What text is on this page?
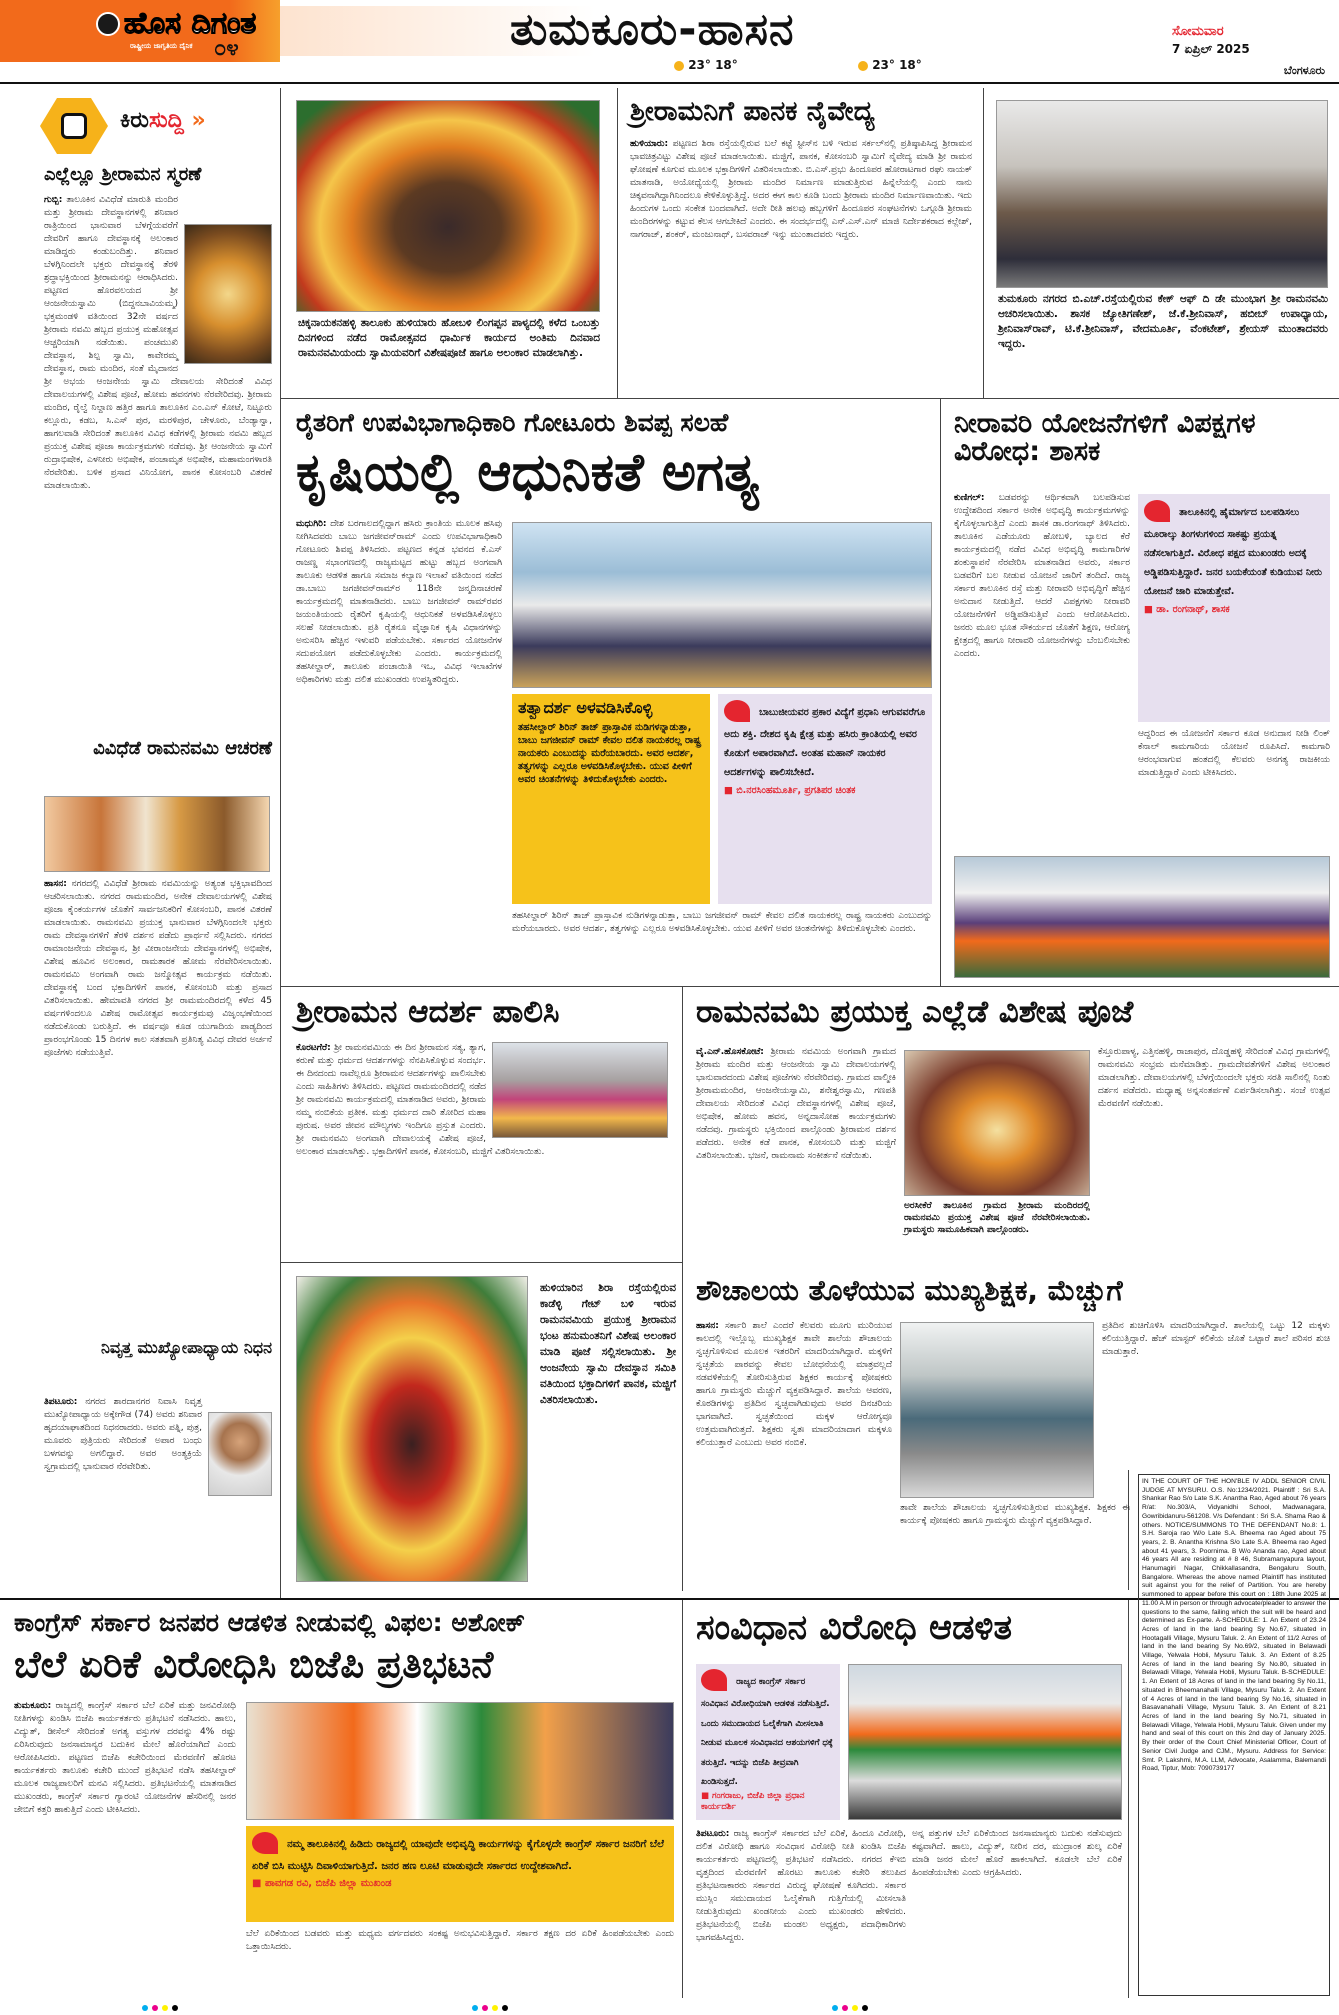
ಹೊಸ ದಿಗಂತ
ರಾಷ್ಟ್ರೀಯ ಜಾಗೃತಿಯ ದೈನಿಕ ೦೪	ತುಮಕೂರು-ಹಾಸನ
23° 18°	23° 18°
ಸೋಮವಾರ
7 ಏಪ್ರಿಲ್ 2025
ಬೆಂಗಳೂರು
ಕಿರುಸುದ್ದಿ »
ಎಲ್ಲೆಲ್ಲೂ ಶ್ರೀರಾಮನ ಸ್ಮರಣೆ
ಗುಬ್ಬಿ: ತಾಲೂಕಿನ ವಿವಿಧೆಡೆ ಮಾರುತಿ ಮಂದಿರ ಮತ್ತು ಶ್ರೀರಾಮ ದೇವಸ್ಥಾನಗಳಲ್ಲಿ ಶನಿವಾರ ರಾತ್ರಿಯಿಂದ ಭಾನುವಾರ ಬೆಳಗ್ಗೆಯವರೆಗೆ ದೇವರಿಗೆ ಹಾಗೂ ದೇವಸ್ಥಾನಕ್ಕೆ ಅಲಂಕಾರ ಮಾಡಿದ್ದರು ಕಂಡುಬಂದಿತ್ತು. ಶನಿವಾರ ಬೆಳಗ್ಗಿನಿಂದಲೇ ಭಕ್ತರು ದೇವಸ್ಥಾನಕ್ಕೆ ತೆರಳಿ ಶ್ರದ್ಧಾಭಕ್ತಿಯಿಂದ ಶ್ರೀರಾಮನನ್ನು ಆರಾಧಿಸಿದರು. ಪಟ್ಟಣದ ಹೊರವಲಯದ ಶ್ರೀ ಆಂಜನೇಯಸ್ವಾಮಿ (ಬಿದ್ದನಬಾವಿಯಮ್ಮ) ಭಕ್ತಮಂಡಳಿ ವತಿಯಿಂದ 32ನೇ ವರ್ಷದ ಶ್ರೀರಾಮ ನವಮಿ ಹಬ್ಬದ ಪ್ರಯುಕ್ತ ಮಹೋತ್ಸವ ಆಚ್ಚರಿಯಾಗಿ ನಡೆಯಿತು. ಪಂಚಮುಖಿ ದೇವಸ್ಥಾನ, ಶಿಲ್ಪ ಸ್ವಾಮಿ, ಕಾವೇರಮ್ಮ ದೇವಸ್ಥಾನ, ರಾಮ ಮಂದಿರ, ಸಂತೆ ಮೈದಾನದ ಶ್ರೀ ಅಭಯ ಆಂಜನೇಯ ಸ್ವಾಮಿ ದೇವಾಲಯ ಸೇರಿದಂತೆ ವಿವಿಧ ದೇವಾಲಯಗಳಲ್ಲಿ ವಿಶೇಷ ಪೂಜೆ, ಹೋಮ ಹವನಗಳು ನೆರವೇರಿದವು. ಶ್ರೀರಾಮ ಮಂದಿರ, ರೈಲ್ವೆ ನಿಲ್ದಾಣ ಹತ್ತಿರ ಹಾಗೂ ತಾಲೂಕಿನ ಎಂ.ಎನ್ ಕೋಟೆ, ನಿಟ್ಟೂರು ಕಲ್ಲೂರು, ಕಡಬ, ಸಿ.ಎಸ್ ಪುರ, ಮರಳಿಪುರ, ಚೇಳೂರು, ಬೆಂಡ್ಯಾನ್ವಾ, ಹಾಗಲವಾಡಿ ಸೇರಿದಂತೆ ತಾಲೂಕಿನ ವಿವಿಧ ಕಡೆಗಳಲ್ಲಿ ಶ್ರೀರಾಮ ನವಮಿ ಹಬ್ಬದ ಪ್ರಯುಕ್ತ ವಿಶೇಷ ಪೂಜಾ ಕಾರ್ಯಕ್ರಮಗಳು ನಡೆದವು. ಶ್ರೀ ಆಂಜನೇಯ ಸ್ವಾಮಿಗೆ ರುದ್ರಾಭಿಷೇಕ, ಎಳನೀರು ಅಭಿಷೇಕ, ಪಂಚಾಮೃತ ಅಭಿಷೇಕ, ಮಹಾಮಂಗಳಾರತಿ ನೆರವೇರಿತು. ಬಳಿಕ ಪ್ರಸಾದ ವಿನಿಯೋಗ, ಪಾನಕ ಕೋಸಂಬರಿ ವಿತರಣೆ ಮಾಡಲಾಯಿತು.
ವಿವಿಧೆಡೆ ರಾಮನವಮಿ ಆಚರಣೆ
ಹಾಸನ: ನಗರದಲ್ಲಿ ವಿವಿಧೆಡೆ ಶ್ರೀರಾಮ ನವಮಿಯನ್ನು ಅತ್ಯಂತ ಭಕ್ತಿಭಾವದಿಂದ ಆಚರಿಸಲಾಯಿತು. ನಗರದ ರಾಮಮಂದಿರ, ಅನೇಕ ದೇವಾಲಯಗಳಲ್ಲಿ ವಿಶೇಷ ಪೂಜಾ ಕೈಂಕರ್ಯಗಳ ಜೊತೆಗೆ ಸಾರ್ವಜನಿಕರಿಗೆ ಕೋಸಂಬರಿ, ಪಾನಕ ವಿತರಣೆ ಮಾಡಲಾಯಿತು. ರಾಮನವಮಿ ಪ್ರಯುಕ್ತ ಭಾನುವಾರ ಬೆಳಗ್ಗಿನಿಂದಲೇ ಭಕ್ತರು ರಾಮ ದೇವಸ್ಥಾನಗಳಿಗೆ ತೆರಳಿ ದರ್ಶನ ಪಡೆದು ಪ್ರಾರ್ಥನೆ ಸಲ್ಲಿಸಿದರು. ನಗರದ ರಾಮಾಂಜನೇಯ ದೇವಸ್ಥಾನ, ಶ್ರೀ ವೀರಾಂಜನೇಯ ದೇವಸ್ಥಾನಗಳಲ್ಲಿ ಅಭಿಷೇಕ, ವಿಶೇಷ ಹೂವಿನ ಅಲಂಕಾರ, ರಾಮತಾರಕ ಹೋಮ ನೆರವೇರಿಸಲಾಯಿತು. ರಾಮನವಮಿ ಅಂಗವಾಗಿ ರಾಮ ಜನ್ಮೋತ್ಸವ ಕಾರ್ಯಕ್ರಮ ನಡೆಯಿತು. ದೇವಸ್ಥಾನಕ್ಕೆ ಬಂದ ಭಕ್ತಾದಿಗಳಿಗೆ ಪಾನಕ, ಕೋಸಂಬರಿ ಮತ್ತು ಪ್ರಸಾದ ವಿತರಿಸಲಾಯಿತು. ಹೇಮಾವತಿ ನಗರದ ಶ್ರೀ ರಾಮಮಂದಿರದಲ್ಲಿ ಕಳೆದ 45 ವರ್ಷಗಳಿಂದಲೂ ವಿಶೇಷ ರಾಮೋತ್ಸವ ಕಾರ್ಯಕ್ರಮವು ವಿಜೃಂಭಣೆಯಿಂದ ನಡೆದುಕೊಂಡು ಬರುತ್ತಿದೆ. ಈ ವರ್ಷವೂ ಕೂಡ ಯುಗಾದಿಯ ಪಾಡ್ಯದಿಂದ ಪ್ರಾರಂಭಗೊಂಡು 15 ದಿನಗಳ ಕಾಲ ಸತತವಾಗಿ ಪ್ರತಿನಿತ್ಯ ವಿವಿಧ ದೇವರ ಅರ್ಚನೆ ಪೂಜೆಗಳು ನಡೆಯುತ್ತಿವೆ.
ನಿವೃತ್ತ ಮುಖ್ಯೋಪಾಧ್ಯಾಯ ನಿಧನ
ತಿಪಟೂರು: ನಗರದ ಶಾರದಾನಗರ ನಿವಾಸಿ ನಿವೃತ್ತ ಮುಖ್ಯೋಪಾಧ್ಯಾಯ ಅಕ್ಕೇಗೌಡ (74) ಅವರು ಶನಿವಾರ ಹೃದಯಾಘಾತದಿಂದ ನಿಧನರಾದರು. ಅವರು ಪತ್ನಿ, ಪುತ್ರ, ಮೂವರು ಪುತ್ರಿಯರು ಸೇರಿದಂತೆ ಅಪಾರ ಬಂಧು ಬಳಗವನ್ನು ಅಗಲಿದ್ದಾರೆ. ಅವರ ಅಂತ್ಯಕ್ರಿಯೆ ಸ್ವಗ್ರಾಮದಲ್ಲಿ ಭಾನುವಾರ ನೆರವೇರಿತು.
ಚಿಕ್ಕನಾಯಕನಹಳ್ಳಿ ತಾಲೂಕು ಹುಳಿಯಾರು ಹೋಬಳಿ ಲಿಂಗಪ್ಪನ ಪಾಳ್ಯದಲ್ಲಿ ಕಳೆದ ಒಂಬತ್ತು ದಿನಗಳಿಂದ ನಡೆದ ರಾಮೋತ್ಸವದ ಧಾರ್ಮಿಕ ಕಾರ್ಯದ ಅಂತಿಮ ದಿನವಾದ ರಾಮನವಮಿಯಂದು ಸ್ವಾಮಿಯವರಿಗೆ ವಿಶೇಷಪೂಜೆ ಹಾಗೂ ಅಲಂಕಾರ ಮಾಡಲಾಗಿತ್ತು.
ಶ್ರೀರಾಮನಿಗೆ ಪಾನಕ ನೈವೇದ್ಯ
ಹುಳಿಯಾರು: ಪಟ್ಟಣದ ಶಿರಾ ರಸ್ತೆಯಲ್ಲಿರುವ ಬಲೆ ಕಟ್ಟೆ ಸ್ಟೀಸ್‌ನ ಬಳಿ ಇರುವ ಸರ್ಕಲ್‌ನಲ್ಲಿ ಪ್ರತಿಷ್ಠಾಪಿಸಿದ್ದ ಶ್ರೀರಾಮನ ಭಾವಚಿತ್ರವಿಟ್ಟು ವಿಶೇಷ ಪೂಜೆ ಮಾಡಲಾಯಿತು. ಮಜ್ಜಿಗೆ, ಪಾನಕ, ಕೋಸಂಬರಿ ಸ್ವಾಮಿಗೆ ನೈವೇದ್ಯ ಮಾಡಿ ಶ್ರೀ ರಾಮನ ಘೋಷಣೆ ಕೂಗುವ ಮೂಲಕ ಭಕ್ತಾದಿಗಳಿಗೆ ವಿತರಿಸಲಾಯಿತು. ಬಿ.ಎಸ್.ಪ್ರಭು ಹಿಂದೂಪರ ಹೋರಾಟಗಾರ ರಘು ನಾಯಕ್ ಮಾತನಾಡಿ, ಅಯೋಧ್ಯೆಯಲ್ಲಿ ಶ್ರೀರಾಮ ಮಂದಿರ ನಿರ್ಮಾಣ ಮಾಡುತ್ತಿರುವ ಹಿನ್ನೆಲೆಯಲ್ಲಿ ಎಂದು ನಾನು ಚಿಕ್ಕವನಾಗಿದ್ದಾಗಿನಿಂದಲೂ ಕೇಳಿಕೊಳ್ಳುತ್ತಿದ್ದೆ. ಅದರ ಈಗ ಕಾಲ ಕೂಡಿ ಬಂದು ಶ್ರೀರಾಮ ಮಂದಿರ ನಿರ್ಮಾಣವಾಯಿತು. ಇದು ಹಿಂದುಗಳ ಒಂದು ಸಂಕೇತ ಬಂದವಾಗಿದೆ. ಅದೇ ರೀತಿ ಹಲವು ಹಬ್ಬಗಳಿಗೆ ಹಿಂದೂಪರ ಸಂಘಟನೆಗಳು ಒಗ್ಗೂಡಿ ಶ್ರೀರಾಮ ಮಂದಿರಗಳನ್ನು ಕಟ್ಟುವ ಕೆಲಸ ಆಗಬೇಕಿದೆ ಎಂದರು. ಈ ಸಂದರ್ಭದಲ್ಲಿ ಎನ್.ಎಸ್.ಎನ್ ಮಾಜಿ ನಿರ್ದೇಶಕರಾದ ಕಲ್ಲೇಶ್, ನಾಗರಾಜ್, ಶಂಕರ್, ಮಂಜುನಾಥ್, ಬಸವರಾಜ್ ಇನ್ನು ಮುಂತಾದವರು ಇದ್ದರು.
ತುಮಕೂರು ನಗರದ ಬಿ.ಎಚ್.ರಸ್ತೆಯಲ್ಲಿರುವ ಕೇಕ್ ಆಫ್ ದಿ ಡೇ ಮುಂಭಾಗ ಶ್ರೀ ರಾಮನವಮಿ ಆಚರಿಸಲಾಯಿತು. ಶಾಸಕ ಜ್ಯೋತಿಗಣೇಶ್, ಜೆ.ಕೆ.ಶ್ರೀನಿವಾಸ್, ಹಬೀಬ್ ಉಪಾಧ್ಯಾಯ, ಶ್ರೀನಿವಾಸ್‌ರಾವ್, ಟಿ.ಕೆ.ಶ್ರೀನಿವಾಸ್, ವೇದಮೂರ್ತಿ, ವೆಂಕಟೇಶ್, ಶ್ರೇಯಸ್ ಮುಂತಾದವರು ಇದ್ದರು.
ರೈತರಿಗೆ ಉಪವಿಭಾಗಾಧಿಕಾರಿ ಗೋಟೂರು ಶಿವಪ್ಪ ಸಲಹೆ
ಕೃಷಿಯಲ್ಲಿ ಆಧುನಿಕತೆ ಅಗತ್ಯ
ಮಧುಗಿರಿ: ದೇಶ ಬರಗಾಲದಲ್ಲಿದ್ದಾಗ ಹಸಿರು ಕ್ರಾಂತಿಯ ಮೂಲಕ ಹಸಿವು ನೀಗಿಸಿದವರು ಬಾಬು ಜಗಜೀವನ್‌ರಾಮ್ ಎಂದು ಉಪವಿಭಾಗಾಧಿಕಾರಿ ಗೋಟೂರು ಶಿವಪ್ಪ ತಿಳಿಸಿದರು. ಪಟ್ಟಣದ ಕನ್ನಡ ಭವನದ ಕೆ.ಎಸ್ ರಾಜಣ್ಣ ಸಭಾಂಗಣದಲ್ಲಿ ರಾಜ್ಯಮಟ್ಟದ ಹುಟ್ಟು ಹಬ್ಬದ ಅಂಗವಾಗಿ ತಾಲೂಕು ಆಡಳಿತ ಹಾಗೂ ಸಮಾಜ ಕಲ್ಯಾಣ ಇಲಾಖೆ ವತಿಯಿಂದ ನಡೆದ ಡಾ.ಬಾಬು ಜಗಜೀವನ್‌ರಾಮ್‌ರ 118ನೇ ಜನ್ಮದಿನಾಚರಣೆ ಕಾರ್ಯಕ್ರಮದಲ್ಲಿ ಮಾತನಾಡಿದರು. ಬಾಬು ಜಗಜೀವನ್ ರಾಮ್‌ರವರ ಜಯಂತಿಯಂದು ರೈತರಿಗೆ ಕೃಷಿಯಲ್ಲಿ ಆಧುನಿಕತೆ ಅಳವಡಿಸಿಕೊಳ್ಳಲು ಸಲಹೆ ನೀಡಲಾಯಿತು. ಪ್ರತಿ ರೈತನೂ ವೈಜ್ಞಾನಿಕ ಕೃಷಿ ವಿಧಾನಗಳನ್ನು ಅನುಸರಿಸಿ ಹೆಚ್ಚಿನ ಇಳುವರಿ ಪಡೆಯಬೇಕು. ಸರ್ಕಾರದ ಯೋಜನೆಗಳ ಸದುಪಯೋಗ ಪಡೆದುಕೊಳ್ಳಬೇಕು ಎಂದರು. ಕಾರ್ಯಕ್ರಮದಲ್ಲಿ ತಹಸೀಲ್ದಾರ್, ತಾಲೂಕು ಪಂಚಾಯಿತಿ ಇಒ, ವಿವಿಧ ಇಲಾಖೆಗಳ ಅಧಿಕಾರಿಗಳು ಮತ್ತು ದಲಿತ ಮುಖಂಡರು ಉಪಸ್ಥಿತರಿದ್ದರು.
ತತ್ವಾದರ್ಶ ಅಳವಡಿಸಿಕೊಳ್ಳಿ
ತಹಸೀಲ್ದಾರ್ ಶಿರಿನ್ ತಾಜ್ ಪ್ರಾಸ್ತಾವಿಕ ನುಡಿಗಳನ್ನಾಡುತ್ತಾ, ಬಾಬು ಜಗಜೀವನ್ ರಾಮ್ ಕೇವಲ ದಲಿತ ನಾಯಕರಲ್ಲ ರಾಷ್ಟ್ರ ನಾಯಕರು ಎಂಬುದನ್ನು ಮರೆಯಬಾರದು. ಅವರ ಆದರ್ಶ, ತತ್ವಗಳನ್ನು ಎಲ್ಲರೂ ಅಳವಡಿಸಿಕೊಳ್ಳಬೇಕು. ಯುವ ಪೀಳಿಗೆ ಅವರ ಚಿಂತನೆಗಳನ್ನು ತಿಳಿದುಕೊಳ್ಳಬೇಕು ಎಂದರು.
ಬಾಬುಜೀಯವರ ಪ್ರಕಾರ ವಿದ್ಯೆಗೆ ಪ್ರಧಾನಿ ಆಗುವವರೆಗೂ ಅದು ಶಕ್ತಿ. ದೇಶದ ಕೃಷಿ ಕ್ಷೇತ್ರ ಮತ್ತು ಹಸಿರು ಕ್ರಾಂತಿಯಲ್ಲಿ ಅವರ ಕೊಡುಗೆ ಅಪಾರವಾಗಿದೆ. ಅಂತಹ ಮಹಾನ್ ನಾಯಕರ ಆದರ್ಶಗಳನ್ನು ಪಾಲಿಸಬೇಕಿದೆ.
■ ಬಿ.ನರಸಿಂಹಮೂರ್ತಿ, ಪ್ರಗತಿಪರ ಚಿಂತಕ
ತಹಸೀಲ್ದಾರ್ ಶಿರಿನ್ ತಾಜ್ ಪ್ರಾಸ್ತಾವಿಕ ನುಡಿಗಳನ್ನಾಡುತ್ತಾ, ಬಾಬು ಜಗಜೀವನ್ ರಾಮ್ ಕೇವಲ ದಲಿತ ನಾಯಕರಲ್ಲ ರಾಷ್ಟ್ರ ನಾಯಕರು ಎಂಬುದನ್ನು ಮರೆಯಬಾರದು. ಅವರ ಆದರ್ಶ, ತತ್ವಗಳನ್ನು ಎಲ್ಲರೂ ಅಳವಡಿಸಿಕೊಳ್ಳಬೇಕು. ಯುವ ಪೀಳಿಗೆ ಅವರ ಚಿಂತನೆಗಳನ್ನು ತಿಳಿದುಕೊಳ್ಳಬೇಕು ಎಂದರು.
ನೀರಾವರಿ ಯೋಜನೆಗಳಿಗೆ ವಿಪಕ್ಷಗಳ ವಿರೋಧ: ಶಾಸಕ
ಕುಣಿಗಲ್: ಬಡವರನ್ನು ಆರ್ಥಿಕವಾಗಿ ಬಲಪಡಿಸುವ ಉದ್ದೇಶದಿಂದ ಸರ್ಕಾರ ಅನೇಕ ಅಭಿವೃದ್ಧಿ ಕಾರ್ಯಕ್ರಮಗಳನ್ನು ಕೈಗೊಳ್ಳಲಾಗುತ್ತಿದೆ ಎಂದು ಶಾಸಕ ಡಾ.ರಂಗನಾಥ್ ತಿಳಿಸಿದರು. ತಾಲೂಕಿನ ಎಡೆಯೂರು ಹೋಬಳಿ, ಬ್ಯಾಲದ ಕೆರೆ ಕಾರ್ಯಕ್ರಮದಲ್ಲಿ ನಡೆದ ವಿವಿಧ ಅಭಿವೃದ್ಧಿ ಕಾಮಗಾರಿಗಳ ಶಂಕುಸ್ಥಾಪನೆ ನೆರವೇರಿಸಿ ಮಾತನಾಡಿದ ಅವರು, ಸರ್ಕಾರ ಬಡವರಿಗೆ ಬಲ ನೀಡುವ ಯೋಜನೆ ಜಾರಿಗೆ ತಂದಿದೆ. ರಾಜ್ಯ ಸರ್ಕಾರ ತಾಲೂಕಿನ ರಸ್ತೆ ಮತ್ತು ನೀರಾವರಿ ಅಭಿವೃದ್ಧಿಗೆ ಹೆಚ್ಚಿನ ಅನುದಾನ ನೀಡುತ್ತಿದೆ. ಆದರೆ ವಿಪಕ್ಷಗಳು ನೀರಾವರಿ ಯೋಜನೆಗಳಿಗೆ ಅಡ್ಡಿಪಡಿಸುತ್ತಿವೆ ಎಂದು ಆರೋಪಿಸಿದರು. ಜನರು ಮೂಲ ಭೂತ ಸೌಕರ್ಯದ ಜೊತೆಗೆ ಶಿಕ್ಷಣ, ಆರೋಗ್ಯ ಕ್ಷೇತ್ರದಲ್ಲಿ ಹಾಗೂ ನೀರಾವರಿ ಯೋಜನೆಗಳನ್ನು ಬೆಂಬಲಿಸಬೇಕು ಎಂದರು.
ತಾಲೂಕಿನಲ್ಲಿ ಹೈಮಾರ್ಗದ ಬಲಪಡಿಸಲು ಮೂರಾಲ್ಕು ತಿಂಗಳುಗಳಿಂದ ಸಾಕಷ್ಟು ಪ್ರಯತ್ನ ನಡೆಸಲಾಗುತ್ತಿದೆ. ವಿರೋಧ ಪಕ್ಷದ ಮುಖಂಡರು ಅದಕ್ಕೆ ಅಡ್ಡಿಪಡಿಸುತ್ತಿದ್ದಾರೆ. ಜನರ ಬಯಕೆಯಂತೆ ಕುಡಿಯುವ ನೀರು ಯೋಜನೆ ಜಾರಿ ಮಾಡುತ್ತೇವೆ.
■ ಡಾ. ರಂಗನಾಥ್, ಶಾಸಕ
ಆದ್ದರಿಂದ ಈ ಯೋಜನೆಗೆ ಸರ್ಕಾರ ಕೂಡ ಅನುದಾನ ನೀಡಿ ಲಿಂಕ್ ಕೆನಾಲ್ ಕಾಮಗಾರಿಯ ಯೋಜನೆ ರೂಪಿಸಿದೆ. ಕಾಮಗಾರಿ ಆರಂಭವಾಗುವ ಹಂತದಲ್ಲಿ ಕೆಲವರು ಅನಗತ್ಯ ರಾಜಕೀಯ ಮಾಡುತ್ತಿದ್ದಾರೆ ಎಂದು ಟೀಕಿಸಿದರು.
ಶ್ರೀರಾಮನ ಆದರ್ಶ ಪಾಲಿಸಿ
ಕೊರಟಗೆರೆ: ಶ್ರೀ ರಾಮನವಮಿಯ ಈ ದಿನ ಶ್ರೀರಾಮನ ಸತ್ಯ, ತ್ಯಾಗ, ಕರುಣೆ ಮತ್ತು ಧರ್ಮದ ಆದರ್ಶಗಳನ್ನು ನೆನಪಿಸಿಕೊಳ್ಳುವ ಸಂದರ್ಭ. ಈ ದಿನದಂದು ನಾವೆಲ್ಲರೂ ಶ್ರೀರಾಮನ ಆದರ್ಶಗಳನ್ನು ಪಾಲಿಸಬೇಕು ಎಂದು ಸಾಹಿತಿಗಳು ತಿಳಿಸಿದರು. ಪಟ್ಟಣದ ರಾಮಮಂದಿರದಲ್ಲಿ ನಡೆದ ಶ್ರೀ ರಾಮನವಮಿ ಕಾರ್ಯಕ್ರಮದಲ್ಲಿ ಮಾತನಾಡಿದ ಅವರು, ಶ್ರೀರಾಮ ನಮ್ಮ ನಂಬಿಕೆಯ ಪ್ರತೀಕ. ಮತ್ತು ಧರ್ಮದ ದಾರಿ ತೋರಿದ ಮಹಾ ಪುರುಷ. ಅವರ ಜೀವನ ಮೌಲ್ಯಗಳು ಇಂದಿಗೂ ಪ್ರಸ್ತುತ ಎಂದರು. ಶ್ರೀ ರಾಮನವಮಿ ಅಂಗವಾಗಿ ದೇವಾಲಯಕ್ಕೆ ವಿಶೇಷ ಪೂಜೆ, ಅಲಂಕಾರ ಮಾಡಲಾಗಿತ್ತು. ಭಕ್ತಾದಿಗಳಿಗೆ ಪಾನಕ, ಕೋಸಂಬರಿ, ಮಜ್ಜಿಗೆ ವಿತರಿಸಲಾಯಿತು.
ರಾಮನವಮಿ ಪ್ರಯುಕ್ತ ಎಲ್ಲೆಡೆ ವಿಶೇಷ ಪೂಜೆ
ವೈ.ಎನ್.ಹೊಸಕೋಟೆ: ಶ್ರೀರಾಮ ನವಮಿಯ ಅಂಗವಾಗಿ ಗ್ರಾಮದ ಶ್ರೀರಾಮ ಮಂದಿರ ಮತ್ತು ಆಂಜನೇಯ ಸ್ವಾಮಿ ದೇವಾಲಯಗಳಲ್ಲಿ ಭಾನುವಾರದಂದು ವಿಶೇಷ ಪೂಜೆಗಳು ನೆರವೇರಿದವು. ಗ್ರಾಮದ ವಾಲ್ಮೀಕಿ ಶ್ರೀರಾಮಮಂದಿರ, ಆಂಜನೇಯಸ್ವಾಮಿ, ಶನೇಶ್ವರಸ್ವಾಮಿ, ಗಣಪತಿ ದೇವಾಲಯ ಸೇರಿದಂತೆ ವಿವಿಧ ದೇವಸ್ಥಾನಗಳಲ್ಲಿ ವಿಶೇಷ ಪೂಜೆ, ಅಭಿಷೇಕ, ಹೋಮ ಹವನ, ಅನ್ನದಾಸೋಹ ಕಾರ್ಯಕ್ರಮಗಳು ನಡೆದವು. ಗ್ರಾಮಸ್ಥರು ಭಕ್ತಿಯಿಂದ ಪಾಲ್ಗೊಂಡು ಶ್ರೀರಾಮನ ದರ್ಶನ ಪಡೆದರು. ಅನೇಕ ಕಡೆ ಪಾನಕ, ಕೋಸಂಬರಿ ಮತ್ತು ಮಜ್ಜಿಗೆ ವಿತರಿಸಲಾಯಿತು. ಭಜನೆ, ರಾಮನಾಮ ಸಂಕೀರ್ತನೆ ನಡೆಯಿತು.
ಅರಸೀಕೆರೆ ತಾಲೂಕಿನ ಗ್ರಾಮದ ಶ್ರೀರಾಮ ಮಂದಿರದಲ್ಲಿ ರಾಮನವಮಿ ಪ್ರಯುಕ್ತ ವಿಶೇಷ ಪೂಜೆ ನೆರವೇರಿಸಲಾಯಿತು. ಗ್ರಾಮಸ್ಥರು ಸಾಮೂಹಿಕವಾಗಿ ಪಾಲ್ಗೊಂಡರು.
ಕೆಸ್ತೂರುಪಾಳ್ಯ, ಎತ್ತಿನಹಳ್ಳಿ, ರಾಜಾಪುರ, ದೊಡ್ಡಹಳ್ಳಿ ಸೇರಿದಂತೆ ವಿವಿಧ ಗ್ರಾಮಗಳಲ್ಲಿ ರಾಮನವಮಿ ಸಂಭ್ರಮ ಮನೆಮಾಡಿತ್ತು. ಗ್ರಾಮದೇವತೆಗಳಿಗೆ ವಿಶೇಷ ಅಲಂಕಾರ ಮಾಡಲಾಗಿತ್ತು. ದೇವಾಲಯಗಳಲ್ಲಿ ಬೆಳಗ್ಗೆಯಿಂದಲೇ ಭಕ್ತರು ಸರತಿ ಸಾಲಿನಲ್ಲಿ ನಿಂತು ದರ್ಶನ ಪಡೆದರು. ಮಧ್ಯಾಹ್ನ ಅನ್ನಸಂತರ್ಪಣೆ ಏರ್ಪಡಿಸಲಾಗಿತ್ತು. ಸಂಜೆ ಉತ್ಸವ ಮೆರವಣಿಗೆ ನಡೆಯಿತು.
ಹುಳಿಯಾರಿನ ಶಿರಾ ರಸ್ತೆಯಲ್ಲಿರುವ ಕಾಡೆಳ್ಳಿ ಗೇಟ್ ಬಳಿ ಇರುವ ರಾಮನವಮಿಯ ಪ್ರಯುಕ್ತ ಶ್ರೀರಾಮನ ಭಂಟ ಹನುಮಂತನಿಗೆ ವಿಶೇಷ ಅಲಂಕಾರ ಮಾಡಿ ಪೂಜೆ ಸಲ್ಲಿಸಲಾಯಿತು. ಶ್ರೀ ಆಂಜನೇಯ ಸ್ವಾಮಿ ದೇವಸ್ಥಾನ ಸಮಿತಿ ವತಿಯಿಂದ ಭಕ್ತಾದಿಗಳಿಗೆ ಪಾನಕ, ಮಜ್ಜಿಗೆ ವಿತರಿಸಲಾಯಿತು.
ಶೌಚಾಲಯ ತೊಳೆಯುವ ಮುಖ್ಯಶಿಕ್ಷಕ, ಮೆಚ್ಚುಗೆ
ಹಾಸನ: ಸರ್ಕಾರಿ ಶಾಲೆ ಎಂದರೆ ಕೆಲವರು ಮೂಗು ಮುರಿಯುವ ಕಾಲದಲ್ಲಿ ಇಲ್ಲೊಬ್ಬ ಮುಖ್ಯಶಿಕ್ಷಕ ತಾವೇ ಶಾಲೆಯ ಶೌಚಾಲಯ ಸ್ವಚ್ಛಗೊಳಿಸುವ ಮೂಲಕ ಇತರರಿಗೆ ಮಾದರಿಯಾಗಿದ್ದಾರೆ. ಮಕ್ಕಳಿಗೆ ಸ್ವಚ್ಛತೆಯ ಪಾಠವನ್ನು ಕೇವಲ ಬೋಧನೆಯಲ್ಲಿ ಮಾತ್ರವಲ್ಲದೆ ನಡವಳಿಕೆಯಲ್ಲಿ ತೋರಿಸುತ್ತಿರುವ ಶಿಕ್ಷಕರ ಕಾರ್ಯಕ್ಕೆ ಪೋಷಕರು ಹಾಗೂ ಗ್ರಾಮಸ್ಥರು ಮೆಚ್ಚುಗೆ ವ್ಯಕ್ತಪಡಿಸಿದ್ದಾರೆ. ಶಾಲೆಯ ಆವರಣ, ಕೊಠಡಿಗಳನ್ನು ಪ್ರತಿದಿನ ಸ್ವಚ್ಛವಾಗಿಡುವುದು ಅವರ ದಿನಚರಿಯ ಭಾಗವಾಗಿದೆ. ಸ್ವಚ್ಛತೆಯಿಂದ ಮಕ್ಕಳ ಆರೋಗ್ಯವೂ ಉತ್ತಮವಾಗಿರುತ್ತದೆ. ಶಿಕ್ಷಕರು ಸ್ವತಃ ಮಾದರಿಯಾದಾಗ ಮಕ್ಕಳೂ ಕಲಿಯುತ್ತಾರೆ ಎಂಬುದು ಅವರ ನಂಬಿಕೆ.
ತಾವೇ ಶಾಲೆಯ ಶೌಚಾಲಯ ಸ್ವಚ್ಛಗೊಳಿಸುತ್ತಿರುವ ಮುಖ್ಯಶಿಕ್ಷಕ. ಶಿಕ್ಷಕರ ಈ ಕಾರ್ಯಕ್ಕೆ ಪೋಷಕರು ಹಾಗೂ ಗ್ರಾಮಸ್ಥರು ಮೆಚ್ಚುಗೆ ವ್ಯಕ್ತಪಡಿಸಿದ್ದಾರೆ.
ಪ್ರತಿದಿನ ಶುಚಿಗೊಳಿಸಿ ಮಾದರಿಯಾಗಿದ್ದಾರೆ. ಶಾಲೆಯಲ್ಲಿ ಒಟ್ಟು 12 ಮಕ್ಕಳು ಕಲಿಯುತ್ತಿದ್ದಾರೆ. ಹೆಚ್ ಮಾಸ್ಟರ್ ಕಲಿಕೆಯ ಜೊತೆ ಒಟ್ಟಾರೆ ಶಾಲೆ ಪರಿಸರ ಶುಚಿ ಮಾಡುತ್ತಾರೆ.
IN THE COURT OF THE HON'BLE IV ADDL SENIOR CIVIL JUDGE AT MYSURU. O.S. No:1234/2021. Plaintiff : Sri S.A. Shankar Rao S/o Late S.K. Anantha Rao, Aged about 76 years R/at: No.303/A, Vidyanidhi School, Madwanagara, Gowribidanuru-561208. V/s Defendant : Sri S.A. Shama Rao & others. NOTICE/SUMMONS TO THE DEFENDANT No.8: 1. S.H. Saroja rao W/o Late S.A. Bheema rao Aged about 75 years, 2. B. Anantha Krishna S/o Late S.A. Bheema rao Aged about 41 years, 3. Poornima. B W/o Ananda rao, Aged about 46 years All are residing at # 8 46, Subramanyapura layout, Hanumagiri Nagar, Chikkallasandra, Bengaluru South, Bangalore. Whereas the above named Plaintiff has instituted suit against you for the relief of Partition. You are hereby summoned to appear before this court on : 18th June 2025 at 11.00 A.M in person or through advocate/pleader to answer the questions to the same, failing which the suit will be heard and determined as Ex-parte. A-SCHEDULE: 1. An Extent of 23.24 Acres of land in the land bearing Sy No.67, situated in Hootagalli Village, Mysuru Taluk. 2. An Extent of 11/2 Acres of land in the land bearing Sy No.69/2, situated in Belawadi Village, Yelwala Hobli, Mysuru Taluk. 3. An Extent of 8.25 Acres of land in the land bearing Sy No.80, situated in Belawadi Village, Yelwala Hobli, Mysuru Taluk. B-SCHEDULE: 1. An Extent of 18 Acres of land in the land bearing Sy No.11, situated in Bheemanahalli Village, Mysuru Taluk. 2. An Extent of 4 Acres of land in the land bearing Sy No.16, situated in Basavanahalli Village, Mysuru Taluk. 3. An Extent of 8.21 Acres of land in the land bearing Sy No.71, situated in Belawadi Village, Yelwala Hobli, Mysuru Taluk. Given under my hand and seal of this court on this 2nd day of January 2025. By their order of the Court Chief Ministerial Officer, Court of Senior Civil Judge and CJM., Mysuru. Address for Service: Smt. P. Lakshmi, M.A. LLM, Advocate, Asalamma, Balemandi Road, Tiptur, Mob: 7090739177
ಕಾಂಗ್ರೆಸ್ ಸರ್ಕಾರ ಜನಪರ ಆಡಳಿತ ನೀಡುವಲ್ಲಿ ವಿಫಲ: ಅಶೋಕ್
ಬೆಲೆ ಏರಿಕೆ ವಿರೋಧಿಸಿ ಬಿಜೆಪಿ ಪ್ರತಿಭಟನೆ
ತುಮಕೂರು: ರಾಜ್ಯದಲ್ಲಿ ಕಾಂಗ್ರೆಸ್ ಸರ್ಕಾರ ಬೆಲೆ ಏರಿಕೆ ಮತ್ತು ಜನವಿರೋಧಿ ನೀತಿಗಳನ್ನು ಖಂಡಿಸಿ ಬಿಜೆಪಿ ಕಾರ್ಯಕರ್ತರು ಪ್ರತಿಭಟನೆ ನಡೆಸಿದರು. ಹಾಲು, ವಿದ್ಯುತ್, ಡೀಸೆಲ್ ಸೇರಿದಂತೆ ಅಗತ್ಯ ವಸ್ತುಗಳ ದರವನ್ನು 4% ರಷ್ಟು ಏರಿಸಿರುವುದು ಜನಸಾಮಾನ್ಯರ ಬದುಕಿನ ಮೇಲೆ ಹೊರೆಯಾಗಿದೆ ಎಂದು ಆರೋಪಿಸಿದರು. ಪಟ್ಟಣದ ಬಿಜೆಪಿ ಕಚೇರಿಯಿಂದ ಮೆರವಣಿಗೆ ಹೊರಟ ಕಾರ್ಯಕರ್ತರು ತಾಲೂಕು ಕಚೇರಿ ಮುಂದೆ ಪ್ರತಿಭಟನೆ ನಡೆಸಿ ತಹಸೀಲ್ದಾರ್ ಮೂಲಕ ರಾಜ್ಯಪಾಲರಿಗೆ ಮನವಿ ಸಲ್ಲಿಸಿದರು. ಪ್ರತಿಭಟನೆಯಲ್ಲಿ ಮಾತನಾಡಿದ ಮುಖಂಡರು, ಕಾಂಗ್ರೆಸ್ ಸರ್ಕಾರ ಗ್ಯಾರಂಟಿ ಯೋಜನೆಗಳ ಹೆಸರಿನಲ್ಲಿ ಜನರ ಜೇಬಿಗೆ ಕತ್ತರಿ ಹಾಕುತ್ತಿದೆ ಎಂದು ಟೀಕಿಸಿದರು.
ನಮ್ಮ ತಾಲೂಕಿನಲ್ಲಿ ಹಿಡಿದು ರಾಜ್ಯದಲ್ಲಿ ಯಾವುದೇ ಅಭಿವೃದ್ಧಿ ಕಾರ್ಯಗಳನ್ನು ಕೈಗೊಳ್ಳದೇ ಕಾಂಗ್ರೆಸ್ ಸರ್ಕಾರ ಜನರಿಗೆ ಬೆಲೆ ಏರಿಕೆ ಬಿಸಿ ಮುಟ್ಟಿಸಿ ದಿವಾಳಿಯಾಗುತ್ತಿದೆ. ಜನರ ಹಣ ಲೂಟಿ ಮಾಡುವುದೇ ಸರ್ಕಾರದ ಉದ್ದೇಶವಾಗಿದೆ.
■ ಪಾವಗಡ ರವಿ, ಬಿಜೆಪಿ ಜಿಲ್ಲಾ ಮುಖಂಡ
ಬೆಲೆ ಏರಿಕೆಯಿಂದ ಬಡವರು ಮತ್ತು ಮಧ್ಯಮ ವರ್ಗದವರು ಸಂಕಷ್ಟ ಅನುಭವಿಸುತ್ತಿದ್ದಾರೆ. ಸರ್ಕಾರ ತಕ್ಷಣ ದರ ಏರಿಕೆ ಹಿಂಪಡೆಯಬೇಕು ಎಂದು ಒತ್ತಾಯಿಸಿದರು.
ಸಂವಿಧಾನ ವಿರೋಧಿ ಆಡಳಿತ
ರಾಜ್ಯದ ಕಾಂಗ್ರೆಸ್ ಸರ್ಕಾರ ಸಂವಿಧಾನ ವಿರೋಧಿಯಾಗಿ ಆಡಳಿತ ನಡೆಸುತ್ತಿದೆ. ಒಂದು ಸಮುದಾಯದ ಓಲೈಕೆಗಾಗಿ ಮೀಸಲಾತಿ ನೀಡುವ ಮೂಲಕ ಸಂವಿಧಾನದ ಆಶಯಗಳಿಗೆ ಧಕ್ಕೆ ತರುತ್ತಿದೆ. ಇದನ್ನು ಬಿಜೆಪಿ ತೀವ್ರವಾಗಿ ಖಂಡಿಸುತ್ತದೆ.
■ ಗಂಗರಾಜು, ಬಿಜೆಪಿ ಜಿಲ್ಲಾ ಪ್ರಧಾನ ಕಾರ್ಯದರ್ಶಿ
ತಿಪಟೂರು: ರಾಜ್ಯ ಕಾಂಗ್ರೆಸ್ ಸರ್ಕಾರದ ಬೆಲೆ ಏರಿಕೆ, ಹಿಂದೂ ವಿರೋಧಿ, ದಲಿತ ವಿರೋಧಿ ಹಾಗೂ ಸಂವಿಧಾನ ವಿರೋಧಿ ನೀತಿ ಖಂಡಿಸಿ ಬಿಜೆಪಿ ಕಾರ್ಯಕರ್ತರು ಪಟ್ಟಣದಲ್ಲಿ ಪ್ರತಿಭಟನೆ ನಡೆಸಿದರು. ನಗರದ ಕೆಇಬಿ ವೃತ್ತದಿಂದ ಮೆರವಣಿಗೆ ಹೊರಟು ತಾಲೂಕು ಕಚೇರಿ ತಲುಪಿದ ಪ್ರತಿಭಟನಾಕಾರರು ಸರ್ಕಾರದ ವಿರುದ್ಧ ಘೋಷಣೆ ಕೂಗಿದರು. ಸರ್ಕಾರ ಮುಸ್ಲಿಂ ಸಮುದಾಯದ ಓಲೈಕೆಗಾಗಿ ಗುತ್ತಿಗೆಯಲ್ಲಿ ಮೀಸಲಾತಿ ನೀಡುತ್ತಿರುವುದು ಖಂಡನೀಯ ಎಂದು ಮುಖಂಡರು ಹೇಳಿದರು. ಪ್ರತಿಭಟನೆಯಲ್ಲಿ ಬಿಜೆಪಿ ಮಂಡಲ ಅಧ್ಯಕ್ಷರು, ಪದಾಧಿಕಾರಿಗಳು ಭಾಗವಹಿಸಿದ್ದರು.
ಅನ್ನ ಪತ್ತುಗಳ ಬೆಲೆ ಏರಿಕೆಯಿಂದ ಜನಸಾಮಾನ್ಯರು ಬದುಕು ನಡೆಸುವುದು ಕಷ್ಟವಾಗಿದೆ. ಹಾಲು, ವಿದ್ಯುತ್, ನೀರಿನ ದರ, ಮುದ್ರಾಂಕ ಶುಲ್ಕ ಏರಿಕೆ ಮಾಡಿ ಜನರ ಮೇಲೆ ಹೊರೆ ಹಾಕಲಾಗಿದೆ. ಕೂಡಲೇ ಬೆಲೆ ಏರಿಕೆ ಹಿಂಪಡೆಯಬೇಕು ಎಂದು ಆಗ್ರಹಿಸಿದರು.
